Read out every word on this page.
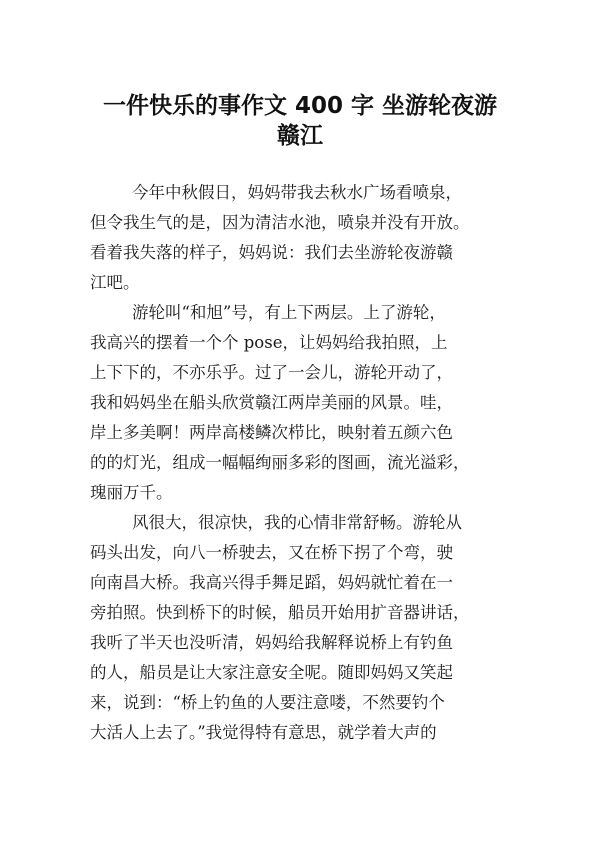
一件快乐的事作文 400 字 坐游轮夜游
赣江

今年中秋假日，妈妈带我去秋水广场看喷泉，
但令我生气的是，因为清洁水池，喷泉并没有开放。
看着我失落的样子，妈妈说：我们去坐游轮夜游赣
江吧。

游轮叫“和旭”号，有上下两层。上了游轮，
我高兴的摆着一个个 pose，让妈妈给我拍照，上
上下下的，不亦乐乎。过了一会儿，游轮开动了，
我和妈妈坐在船头欣赏赣江两岸美丽的风景。哇，
岸上多美啊！两岸高楼鳞次栉比，映射着五颜六色
的的灯光，组成一幅幅绚丽多彩的图画，流光溢彩，
瑰丽万千。

风很大，很凉快，我的心情非常舒畅。游轮从
码头出发，向八一桥驶去，又在桥下拐了个弯，驶
向南昌大桥。我高兴得手舞足蹈，妈妈就忙着在一
旁拍照。快到桥下的时候，船员开始用扩音器讲话，
我听了半天也没听清，妈妈给我解释说桥上有钓鱼
的人，船员是让大家注意安全呢。随即妈妈又笑起
来，说到：“桥上钓鱼的人要注意喽，不然要钓个
大活人上去了。”我觉得特有意思，就学着大声的
